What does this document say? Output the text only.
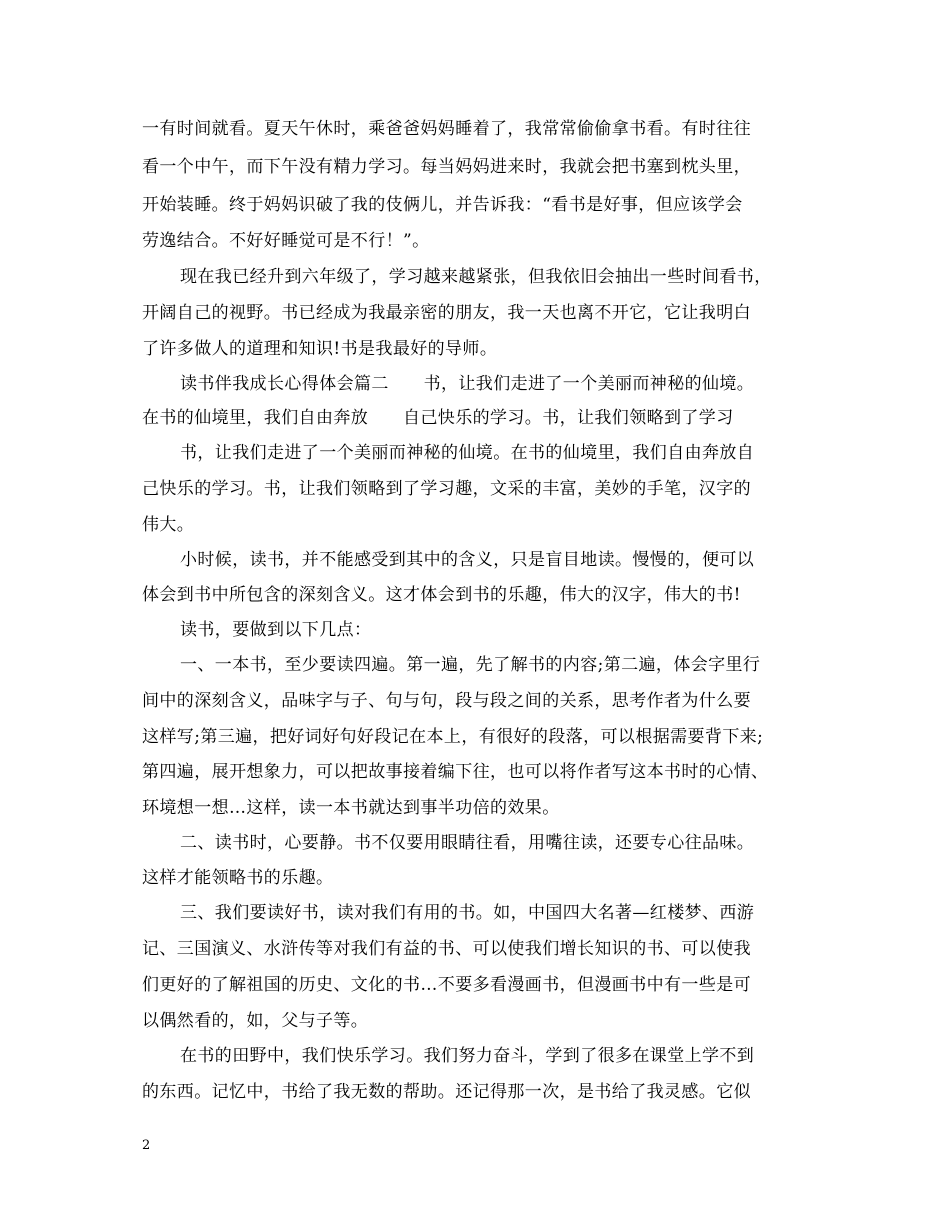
一有时间就看。夏天午休时，乘爸爸妈妈睡着了，我常常偷偷拿书看。有时往往
看一个中午，而下午没有精力学习。每当妈妈进来时，我就会把书塞到枕头里，
开始装睡。终于妈妈识破了我的伎俩儿，并告诉我：“看书是好事，但应该学会
劳逸结合。不好好睡觉可是不行！”。
现在我已经升到六年级了，学习越来越紧张，但我依旧会抽出一些时间看书，
开阔自己的视野。书已经成为我最亲密的朋友，我一天也离不开它，它让我明白
了许多做人的道理和知识!书是我最好的导师。
读书伴我成长心得体会篇二　　书，让我们走进了一个美丽而神秘的仙境。
在书的仙境里，我们自由奔放　　自己快乐的学习。书，让我们领略到了学习
书，让我们走进了一个美丽而神秘的仙境。在书的仙境里，我们自由奔放自
己快乐的学习。书，让我们领略到了学习趣，文采的丰富，美妙的手笔，汉字的
伟大。
小时候，读书，并不能感受到其中的含义，只是盲目地读。慢慢的，便可以
体会到书中所包含的深刻含义。这才体会到书的乐趣，伟大的汉字，伟大的书!
读书，要做到以下几点：
一、一本书，至少要读四遍。第一遍，先了解书的内容;第二遍，体会字里行
间中的深刻含义，品味字与子、句与句，段与段之间的关系，思考作者为什么要
这样写;第三遍，把好词好句好段记在本上，有很好的段落，可以根据需要背下来;
第四遍，展开想象力，可以把故事接着编下往，也可以将作者写这本书时的心情、
环境想一想…这样，读一本书就达到事半功倍的效果。
二、读书时，心要静。书不仅要用眼睛往看，用嘴往读，还要专心往品味。
这样才能领略书的乐趣。
三、我们要读好书，读对我们有用的书。如，中国四大名著—红楼梦、西游
记、三国演义、水浒传等对我们有益的书、可以使我们增长知识的书、可以使我
们更好的了解祖国的历史、文化的书…不要多看漫画书，但漫画书中有一些是可
以偶然看的，如，父与子等。
在书的田野中，我们快乐学习。我们努力奋斗，学到了很多在课堂上学不到
的东西。记忆中，书给了我无数的帮助。还记得那一次，是书给了我灵感。它似
2
